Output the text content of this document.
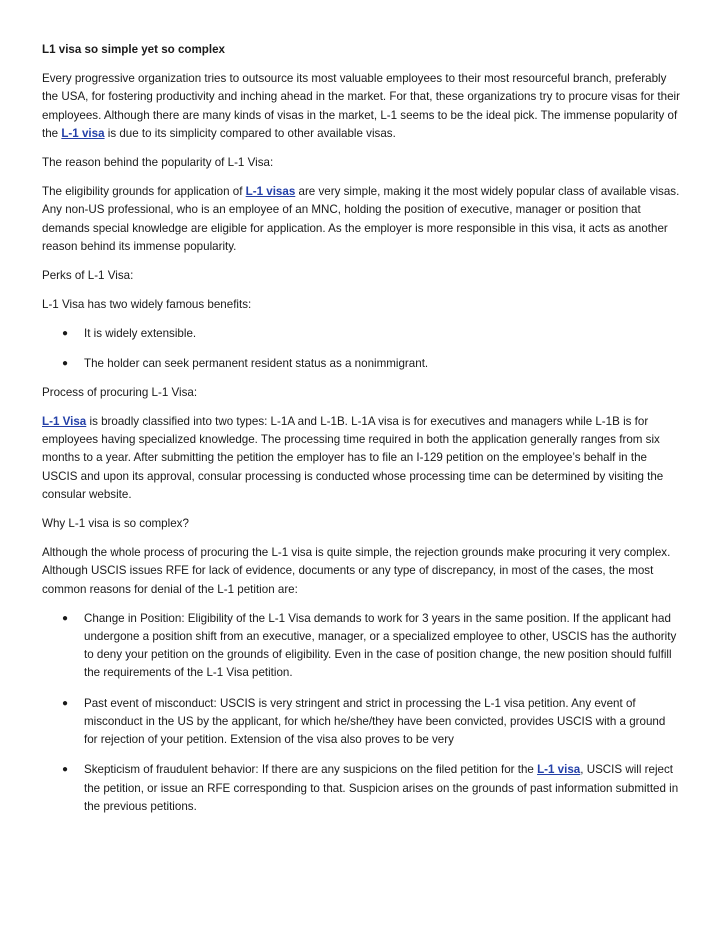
L1 visa so simple yet so complex

Every progressive organization tries to outsource its most valuable employees to their most resourceful branch, preferably the USA, for fostering productivity and inching ahead in the market. For that, these organizations try to procure visas for their employees. Although there are many kinds of visas in the market, L-1 seems to be the ideal pick. The immense popularity of the L-1 visa is due to its simplicity compared to other available visas.

The reason behind the popularity of L-1 Visa:

The eligibility grounds for application of L-1 visas are very simple, making it the most widely popular class of available visas. Any non-US professional, who is an employee of an MNC, holding the position of executive, manager or position that demands special knowledge are eligible for application. As the employer is more responsible in this visa, it acts as another reason behind its immense popularity.

Perks of L-1 Visa:

L-1 Visa has two widely famous benefits:

● It is widely extensible.
● The holder can seek permanent resident status as a nonimmigrant.

Process of procuring L-1 Visa:

L-1 Visa is broadly classified into two types: L-1A and L-1B. L-1A visa is for executives and managers while L-1B is for employees having specialized knowledge. The processing time required in both the application generally ranges from six months to a year. After submitting the petition the employer has to file an I-129 petition on the employee’s behalf in the USCIS and upon its approval, consular processing is conducted whose processing time can be determined by visiting the consular website.

Why L-1 visa is so complex?

Although the whole process of procuring the L-1 visa is quite simple, the rejection grounds make procuring it very complex. Although USCIS issues RFE for lack of evidence, documents or any type of discrepancy, in most of the cases, the most common reasons for denial of the L-1 petition are:

● Change in Position: Eligibility of the L-1 Visa demands to work for 3 years in the same position. If the applicant had undergone a position shift from an executive, manager, or a specialized employee to other, USCIS has the authority to deny your petition on the grounds of eligibility. Even in the case of position change, the new position should fulfill the requirements of the L-1 Visa petition.
● Past event of misconduct: USCIS is very stringent and strict in processing the L-1 visa petition. Any event of misconduct in the US by the applicant, for which he/she/they have been convicted, provides USCIS with a ground for rejection of your petition. Extension of the visa also proves to be very
● Skepticism of fraudulent behavior: If there are any suspicions on the filed petition for the L-1 visa, USCIS will reject the petition, or issue an RFE corresponding to that. Suspicion arises on the grounds of past information submitted in the previous petitions.
